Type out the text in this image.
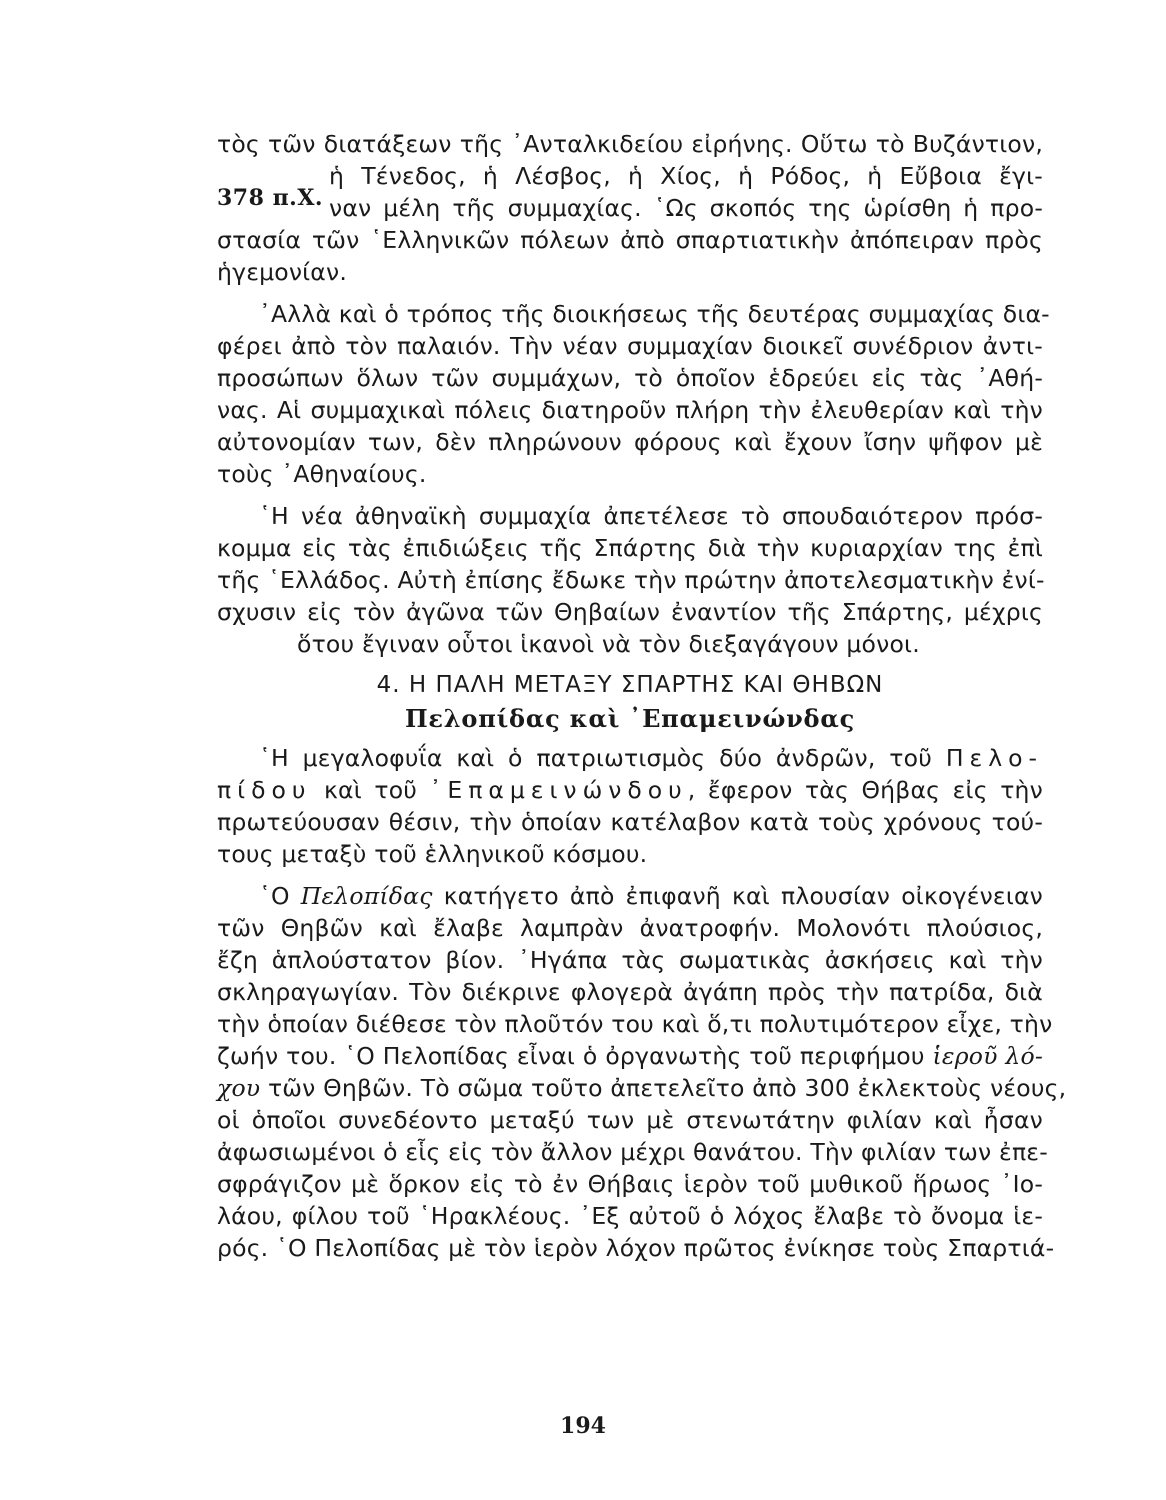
378 π.Χ.
τὸς τῶν διατάξεων τῆς ᾿Ανταλκιδείου εἰρήνης. Οὕτω τὸ Βυζάντιον,
ἡ Τένεδος, ἡ Λέσβος, ἡ Χίος, ἡ Ρόδος, ἡ Εὔβοια ἔγι-
ναν μέλη τῆς συμμαχίας. ῾Ως σκοπός της ὡρίσθη ἡ προ-
στασία τῶν ῾Ελληνικῶν πόλεων ἀπὸ σπαρτιατικὴν ἀπόπειραν πρὸς
ἡγεμονίαν.
᾿Αλλὰ καὶ ὁ τρόπος τῆς διοικήσεως τῆς δευτέρας συμμαχίας δια-
φέρει ἀπὸ τὸν παλαιόν. Τὴν νέαν συμμαχίαν διοικεῖ συνέδριον ἀντι-
προσώπων ὅλων τῶν συμμάχων, τὸ ὁποῖον ἑδρεύει εἰς τὰς ᾿Αθή-
νας. Αἱ συμμαχικαὶ πόλεις διατηροῦν πλήρη τὴν ἐλευθερίαν καὶ τὴν
αὐτονομίαν των, δὲν πληρώνουν φόρους καὶ ἔχουν ἴσην ψῆφον μὲ
τοὺς ᾿Αθηναίους.
῾Η νέα ἀθηναϊκὴ συμμαχία ἀπετέλεσε τὸ σπουδαιότερον πρόσ-
κομμα εἰς τὰς ἐπιδιώξεις τῆς Σπάρτης διὰ τὴν κυριαρχίαν της ἐπὶ
τῆς ῾Ελλάδος. Αὐτὴ ἐπίσης ἔδωκε τὴν πρώτην ἀποτελεσματικὴν ἐνί-
σχυσιν εἰς τὸν ἀγῶνα τῶν Θηβαίων ἐναντίον τῆς Σπάρτης, μέχρις
ὅτου ἔγιναν οὗτοι ἱκανοὶ νὰ τὸν διεξαγάγουν μόνοι.
4. Η ΠΑΛΗ ΜΕΤΑΞΥ ΣΠΑΡΤΗΣ ΚΑΙ ΘΗΒΩΝ
Πελοπίδας καὶ ᾿Επαμεινώνδας
῾Η μεγαλοφυΐα καὶ ὁ πατριωτισμὸς δύο ἀνδρῶν, τοῦ Πελο-
πίδου καὶ τοῦ ᾿Επαμεινώνδου, ἔφερον τὰς Θήβας εἰς τὴν
πρωτεύουσαν θέσιν, τὴν ὁποίαν κατέλαβον κατὰ τοὺς χρόνους τού-
τους μεταξὺ τοῦ ἑλληνικοῦ κόσμου.
῾Ο Πελοπίδας κατήγετο ἀπὸ ἐπιφανῆ καὶ πλουσίαν οἰκογένειαν
τῶν Θηβῶν καὶ ἔλαβε λαμπρὰν ἀνατροφήν. Μολονότι πλούσιος,
ἔζη ἁπλούστατον βίον. ᾿Ηγάπα τὰς σωματικὰς ἀσκήσεις καὶ τὴν
σκληραγωγίαν. Τὸν διέκρινε φλογερὰ ἀγάπη πρὸς τὴν πατρίδα, διὰ
τὴν ὁποίαν διέθεσε τὸν πλοῦτόν του καὶ ὅ,τι πολυτιμότερον εἶχε, τὴν
ζωήν του. ῾Ο Πελοπίδας εἶναι ὁ ὀργανωτὴς τοῦ περιφήμου ἱεροῦ λό-
χου τῶν Θηβῶν. Τὸ σῶμα τοῦτο ἀπετελεῖτο ἀπὸ 300 ἐκλεκτοὺς νέους,
οἱ ὁποῖοι συνεδέοντο μεταξύ των μὲ στενωτάτην φιλίαν καὶ ἦσαν
ἀφωσιωμένοι ὁ εἷς εἰς τὸν ἄλλον μέχρι θανάτου. Τὴν φιλίαν των ἐπε-
σφράγιζον μὲ ὅρκον εἰς τὸ ἐν Θήβαις ἱερὸν τοῦ μυθικοῦ ἥρωος ᾿Ιο-
λάου, φίλου τοῦ ῾Ηρακλέους. ᾿Εξ αὐτοῦ ὁ λόχος ἔλαβε τὸ ὄνομα ἱε-
ρός. ῾Ο Πελοπίδας μὲ τὸν ἱερὸν λόχον πρῶτος ἐνίκησε τοὺς Σπαρτιά-
194
